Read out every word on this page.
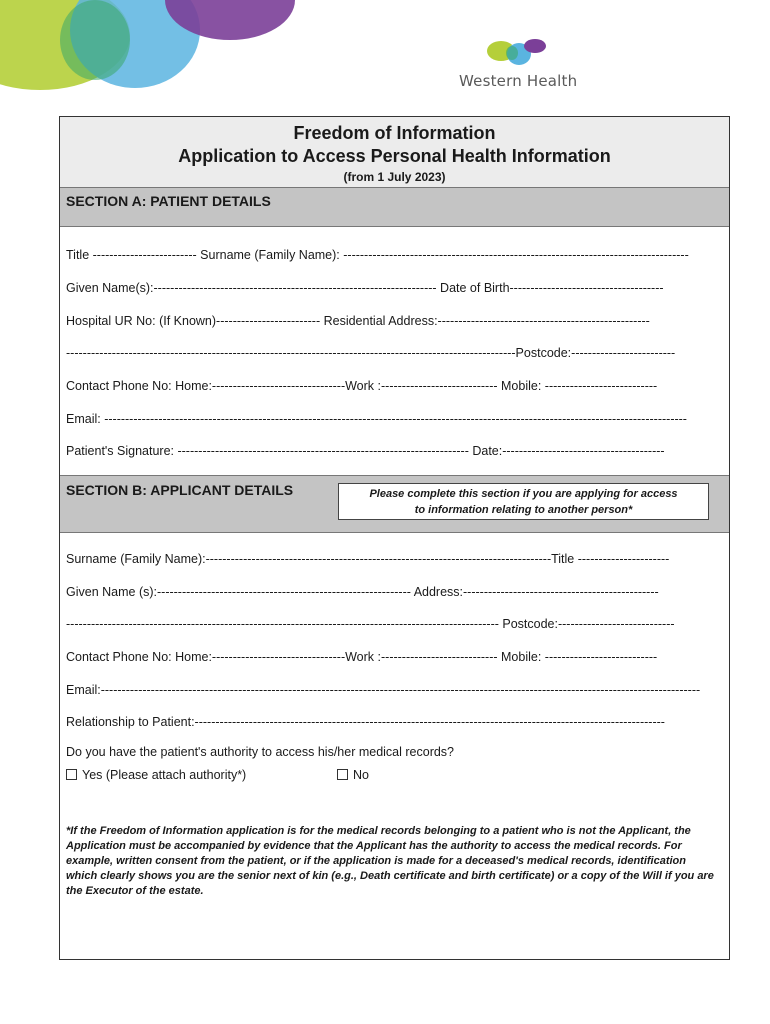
Western Health
Freedom of Information
Application to Access Personal Health Information
(from 1 July 2023)
SECTION A: PATIENT DETAILS
Title ------------------------- Surname (Family Name): -----------------------------------------------------------------------------------
Given Name(s):-------------------------------------------------------------------- Date of Birth-------------------------------------
Hospital UR No: (If Known)------------------------- Residential Address:---------------------------------------------------
------------------------------------------------------------------------------------------------------------Postcode:-------------------------
Contact Phone No: Home:--------------------------------Work :---------------------------- Mobile: ---------------------------
Email: --------------------------------------------------------------------------------------------------------------------------------------------
Patient's Signature: ---------------------------------------------------------------------- Date:---------------------------------------
SECTION B: APPLICANT DETAILS	Please complete this section if you are applying for access
to information relating to another person*
Surname (Family Name):-----------------------------------------------------------------------------------Title ----------------------
Given Name (s):------------------------------------------------------------- Address:-----------------------------------------------
-------------------------------------------------------------------------------------------------------- Postcode:----------------------------
Contact Phone No: Home:--------------------------------Work :---------------------------- Mobile: ---------------------------
Email:------------------------------------------------------------------------------------------------------------------------------------------------
Relationship to Patient:-----------------------------------------------------------------------------------------------------------------
Do you have the patient's authority to access his/her medical records?
Yes (Please attach authority*)	No
*If the Freedom of Information application is for the medical records belonging to a patient who is not the Applicant, the Application must be accompanied by evidence that the Applicant has the authority to access the medical records. For example, written consent from the patient, or if the application is made for a deceased's medical records, identification which clearly shows you are the senior next of kin (e.g., Death certificate and birth certificate) or a copy of the Will if you are the Executor of the estate.
